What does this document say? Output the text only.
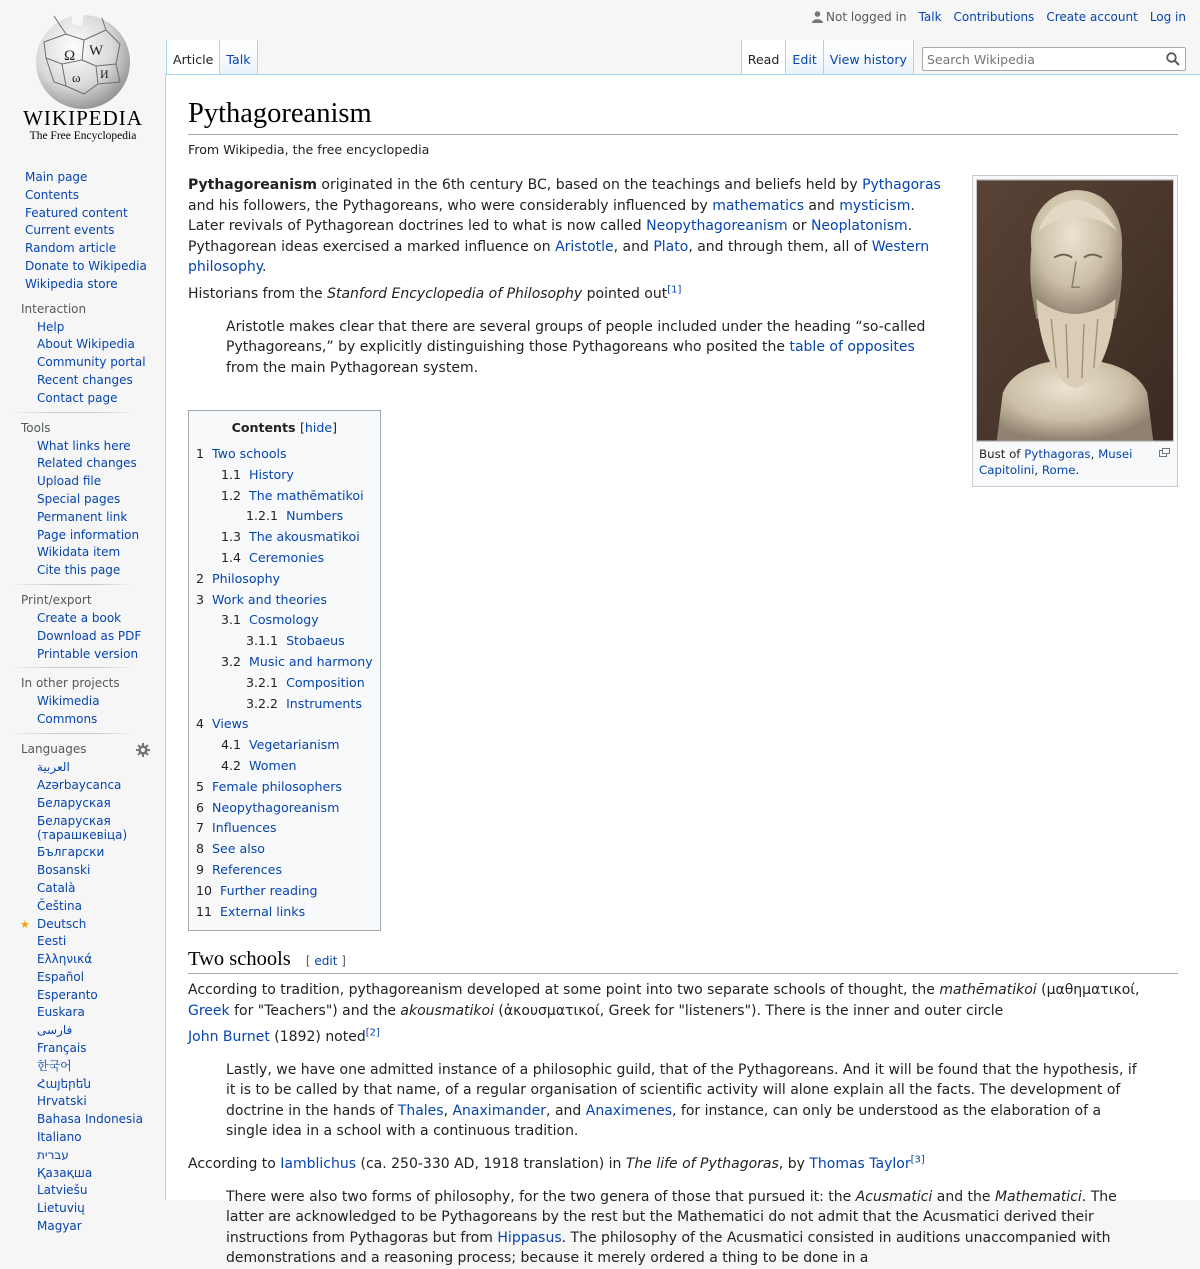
Not logged in Talk Contributions Create account Log in
Ω W
ω И
WIKIPEDIA
The Free Encyclopedia
Article Talk	Read Edit View history
Search Wikipedia
Main page
Contents
Featured content
Current events
Random article
Donate to Wikipedia
Wikipedia store
Interaction
Help
About Wikipedia
Community portal
Recent changes
Contact page
Tools
What links here
Related changes
Upload file
Special pages
Permanent link
Page information
Wikidata item
Cite this page
Print/export
Create a book
Download as PDF
Printable version
In other projects
Wikimedia Commons
Languages
العربية
Azərbaycanca
Беларуская
Беларуская (тарашкевіца)
Български
Bosanski
Català
Čeština
★ Deutsch
Eesti
Ελληνικά
Español
Esperanto
Euskara
فارسی
Français
한국어
Հայերեն
Hrvatski
Bahasa Indonesia
Italiano
עברית
Қазақша
Latviešu
Lietuvių
Magyar
Pythagoreanism
From Wikipedia, the free encyclopedia
Bust of Pythagoras, Musei Capitolini, Rome.

Pythagoreanism originated in the 6th century BC, based on the teachings and beliefs held by Pythagoras and his followers, the Pythagoreans, who were considerably influenced by mathematics and mysticism. Later revivals of Pythagorean doctrines led to what is now called Neopythagoreanism or Neoplatonism. Pythagorean ideas exercised a marked influence on Aristotle, and Plato, and through them, all of Western philosophy.

Historians from the Stanford Encyclopedia of Philosophy pointed out[1]

Aristotle makes clear that there are several groups of people included under the heading “so-called Pythagoreans,” by explicitly distinguishing those Pythagoreans who posited the table of opposites from the main Pythagorean system.
Contents [hide]
1 Two schools
1.1 History
1.2 The mathēmatikoi
1.2.1 Numbers
1.3 The akousmatikoi
1.4 Ceremonies
2 Philosophy
3 Work and theories
3.1 Cosmology
3.1.1 Stobaeus
3.2 Music and harmony
3.2.1 Composition
3.2.2 Instruments
4 Views
4.1 Vegetarianism
4.2 Women
5 Female philosophers
6 Neopythagoreanism
7 Influences
8 See also
9 References
10 Further reading
11 External links
Two schools [ edit ]

According to tradition, pythagoreanism developed at some point into two separate schools of thought, the mathēmatikoi (μαθηματικοί, Greek for "Teachers") and the akousmatikoi (ἀκουσματικοί, Greek for "listeners"). There is the inner and outer circle

John Burnet (1892) noted[2]

Lastly, we have one admitted instance of a philosophic guild, that of the Pythagoreans. And it will be found that the hypothesis, if it is to be called by that name, of a regular organisation of scientific activity will alone explain all the facts. The development of doctrine in the hands of Thales, Anaximander, and Anaximenes, for instance, can only be understood as the elaboration of a single idea in a school with a continuous tradition.

According to Iamblichus (ca. 250-330 AD, 1918 translation) in The life of Pythagoras, by Thomas Taylor[3]

There were also two forms of philosophy, for the two genera of those that pursued it: the Acusmatici and the Mathematici. The latter are acknowledged to be Pythagoreans by the rest but the Mathematici do not admit that the Acusmatici derived their instructions from Pythagoras but from Hippasus. The philosophy of the Acusmatici consisted in auditions unaccompanied with demonstrations and a reasoning process; because it merely ordered a thing to be done in a
